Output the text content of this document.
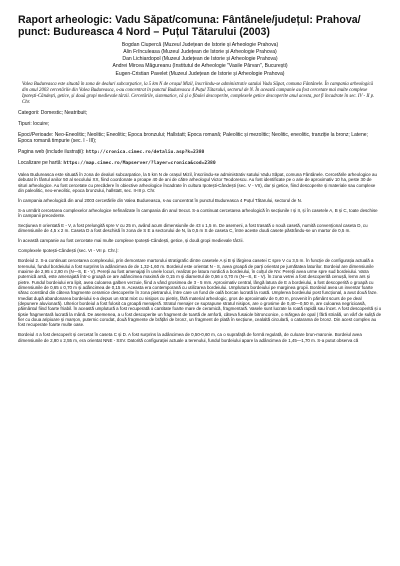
Raport arheologic: Vadu Săpat/comuna: Fântânele/județul: Prahova/ punct: Budureasca 4 Nord – Puțul Tătarului (2003)
Bogdan Ciupercă (Muzeul Județean de Istorie și Arheologie Prahova)
Alin Frînculeasa (Muzeul Județean de Istorie și Arheologie Prahova)
Dan Lichiardopol (Muzeul Județean de Istorie și Arheologie Prahova)
Andrei Mircea Măgureanu (Institutul de Arheologie "Vasile Pârvan", București)
Eugen-Cristian Pavelet (Muzeul Județean de Istorie și Arheologie Prahova)

Valea Budureasca este situată în zona de dealuri subcarpatice, la 5 km N de orașul Mizil, înscriindu-se administrativ satului Vadu Săpat, comuna Fântânele. În campania arheologică din anul 2003 cercetările din Valea Budureasca, s-au concentrat în punctul Budureasca 4 Puțul Tătarului, sectorul de N. În această campanie au fost cercetate mai multe complexe Ipotești-Cândești, getice, și două gropi medievale târzii. Cercetările, sistematice, că și o fibulei descoperite, complexele getice descoperite anul acesta, pot fi încadrate în sec. IV - II p. Chr.

Categorii: Domestic; Neatribuit;

Tipuri: locuire;

Epoci/Perioade: Neo-Eneolitic; Neolitic; Eneolitic; Epoca bronzului; Hallstatt; Epoca romană; Paleolitic și mezolitic; Neolitic, eneolitic, tranziție la bronz; Latene; Epoca romană timpurie (sec. I - III);

Pagina web (include ilustrații): http://cronica.cimec.ro/detaliu.asp?k=2380

Localizare pe hartă: https://map.cimec.ro/Mapserver/?layer=cronica&cod=2380

Valea Budureasca este situată în zona de dealuri subcarpatice, la 5 km N de orașul Mizil, înscriindu-se administrativ satului Vadu Săpat, comuna Fântânele. Cercetările arheologice au debutat în fântul anilor 50 al secolului XX, fiind coordonate a proape 40 de ani de către arheologul Victor Teodorescu. Au fost identificate pe o arie de aproximativ 10 ha, peste 30 de situri arheologice. Au fost cercetate cu precădere în obiective arheologice încadrate în cultura Ipotești-Cândești (sec. V - VII), dar și getice, fiind descoperite și materiale sau complexe din paleolitic, neo-eneolitic, epoca bronzului, hallstatt, sec. II-III p. Chr.

În campania arheologică din anul 2003 cercetările din Valea Budureasca, s-au concentrat în punctul Budureasca 4 Puțul Tătarului, sectorul de N.

S-a urmărit cercetarea complexelor arheologice nefinalizate în campania din anul trecut. S-a continuat cercetarea arheologică în secțiunile I și II, și în casetele A, B și C, toate deschise în campanii precedente.

Secțiunea II orientată E - V, a fost prelungită spre V cu 25 m, având acum dimensiunile de 43 x 1,5 m. De asemeni, a fost trasată o nouă casetă, numită convențional caseta D, cu dimensiunile de 4,5 x 2 m. Caseta D a fost deschisă în zona de S E a sectorului de N, la 0,5 m S de caseta C, între aceste două casete păstrându-se un martor de 0,5 m.

În această campanie au fost cercetate mai multe complexe Ipotești-Cândești, getice, și două gropi medievale târzii.

Complexele Ipotești-Cândești (sec. VI - VII p. Chr.):

Bordeiul 2. S-a continuat cercetarea complexului, prin demontare martorului stratigrafic dintre casetele A și B și lărgirea casetei C spre V cu 3,5 m. În funcție de configurația actuală a terenului, fundul bordeiului a fost surprins la adâncimea de de 1,32-1,60 m. Bordeiul este orientat N - S, avea groapă de parți orientat pe jumătatea laturilor. Bordeiul are dimensiunile maxime de 2,95 x 2,80 m (N—S, E - V). Pereții au fost amenajați în unele locuri, realizat pe latura nordică a bordeiului, în colțul de NV. Pereții avea urme spre sud bordeiului. Vatra puternică arsă, este amenajată într-o groapă ce are adâncimea maximă de 0,15 m și diametrul de 0,56 x 0,70 m (N—S, E - V). În zona vetrei a fost descoperită cenușă, lemn ars și pietre. Fundul bordeiului era lipit, avea culoarea galben verzuie, fiind a vând grosimea de 3 - 5 mm. Aproximativ central, lângă latura de E a bordeiului, a fost descoperită o groapă cu dimensiunile de 0,65 x 0,70 m și adâncimea de 0,15 m. Aceasta era contemporană cu utilizarea bordeiului. Umplutura bordeiului pe marginea gropii. Bordeiul avea un inventar foarte sărac constând din câteva fragmente ceramice descoperite în zona pietrarului, între care un fund de oală borcan lucrată la roată. Umplerea bordeiului post funcțional, a avut două faze. Imediat după abandonarea bordeiului s-a depus un strat mixt cu nisipos cu pietriș, fără material arheologic, gros de aproximativ de 0,40 m, provenit în pământ scurs de pe deal (depunere aluvionară). Ulterior bordeiul a fost folosit ca groapă menajeră. Stratul menajer ce suprapune stratul nisipos, are o grosime de 0,40—0,50 m, are culoarea negricioasă, păimântul fiind foarte friabil. În această umplutură a fost recuperată o cantitate foarte mare de ceramică, fragmentară. Vasele sunt lucrate la roată rapidă sau încet. A fost descoperită și o tipsie fragmentară lucrată la mână. De asemenea, a u fost descoperite un fragment de toartă de amforă, câteva fusaiole bitronconice, o mărgea de opal ( fără strialiă, un vârf de suliță de fier cu doua aripioare și marșon, puternic corodat, două fragmente de brățări de bronz, un fragment de plată în secțiune, cealaltă circulară, o catarama de bronz. Din acest complex au fost recuperate foarte multe oase.

Bordeiul 4 a fost descoperit și cercetat în caseta C și D. A fost surprins la adâncimea de 0,50-0,60 m, ca o suprafață de formă regulată, de culoare brun-maronie. Bordeiul avea dimensiunile de 2,80 x 2,55 m, era orientat NNE - SSV. Datorită configurației actuale a terenului, fundul bordeiului apare la adâncimea de 1,45—1,70 m. S-a putut observa că
